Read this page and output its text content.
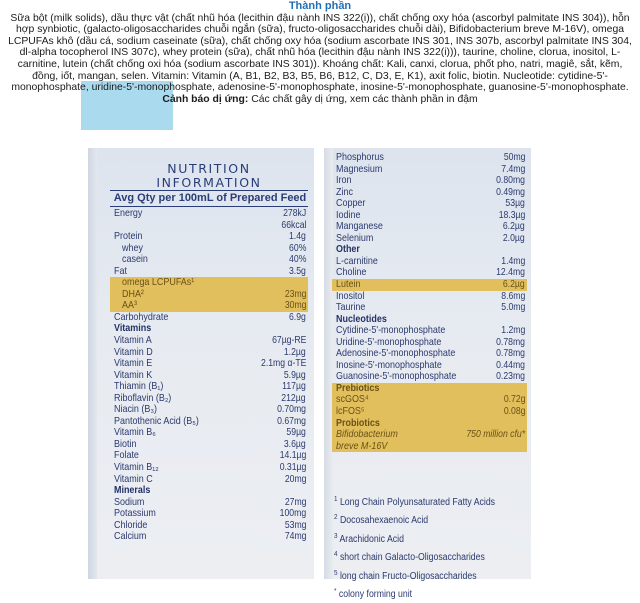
Thành phần
Sữa bột (milk solids), dầu thực vật (chất nhũ hóa (lecithin đậu nành INS 322(i)), chất chống oxy hóa (ascorbyl palmitate INS 304)), hỗn hợp synbiotic, (galacto-oligosaccharides chuỗi ngắn (sữa), fructo-oligosaccharides chuỗi dài), Bifidobacterium breve M-16V), omega LCPUFAs khô (dầu cá, sodium caseinate (sữa), chất chống oxy hóa (sodium ascorbate INS 301, INS 307b, ascorbyl palmitate INS 304, dl-alpha tocopherol INS 307c), whey protein (sữa), chất nhũ hóa (lecithin đậu nành INS 322(i))), taurine, choline, clorua, inositol, L-carnitine, lutein (chất chống oxi hóa (sodium ascorbate INS 301)). Khoáng chất: Kali, canxi, clorua, phốt pho, natri, magiê, sắt, kẽm, đồng, iốt, mangan, selen. Vitamin: Vitamin (A, B1, B2, B3, B5, B6, B12, C, D3, E, K1), axit folic, biotin. Nucleotide: cytidine-5'-monophosphate, uridine-5'-monophosphate, adenosine-5'-monophosphate, inosine-5'-monophosphate, guanosine-5'-monophosphate.
Cảnh báo dị ứng: Các chất gây dị ứng, xem các thành phần in đậm
NUTRITION INFORMATION
Avg Qty per 100mL of Prepared Feed
Energy	278kJ
66kcal
Protein	1.4g
whey	60%
casein	40%
Fat	3.5g
omega LCPUFAs¹
DHA²	23mg
AA³	30mg
Carbohydrate	6.9g
Vitamins
Vitamin A	67µg-RE
Vitamin D	1.2µg
Vitamin E	2.1mg α-TE
Vitamin K	5.9µg
Thiamin (B₁)	117µg
Riboflavin (B₂)	212µg
Niacin (B₃)	0.70mg
Pantothenic Acid (B₅)	0.67mg
Vitamin B₆	59µg
Biotin	3.6µg
Folate	14.1µg
Vitamin B₁₂	0.31µg
Vitamin C	20mg
Minerals
Sodium	27mg
Potassium	100mg
Chloride	53mg
Calcium	74mg
Phosphorus	50mg
Magnesium	7.4mg
Iron	0.80mg
Zinc	0.49mg
Copper	53µg
Iodine	18.3µg
Manganese	6.2µg
Selenium	2.0µg
Other
L-carnitine	1.4mg
Choline	12.4mg
Lutein	6.2µg
Inositol	8.6mg
Taurine	5.0mg
Nucleotides
Cytidine-5'-monophosphate	1.2mg
Uridine-5'-monophosphate	0.78mg
Adenosine-5'-monophosphate	0.78mg
Inosine-5'-monophosphate	0.44mg
Guanosine-5'-monophosphate	0.23mg
Prebiotics
scGOS⁴	0.72g
lcFOS⁵	0.08g
Probiotics
Bifidobacterium	750 million cfu*
breve M-16V
$^1$ Long Chain Polyunsaturated Fatty Acids
$^2$ Docosahexaenoic Acid
$^3$ Arachidonic Acid
$^4$ short chain Galacto-Oligosaccharides
$^5$ long chain Fructo-Oligosaccharides
* colony forming unit
